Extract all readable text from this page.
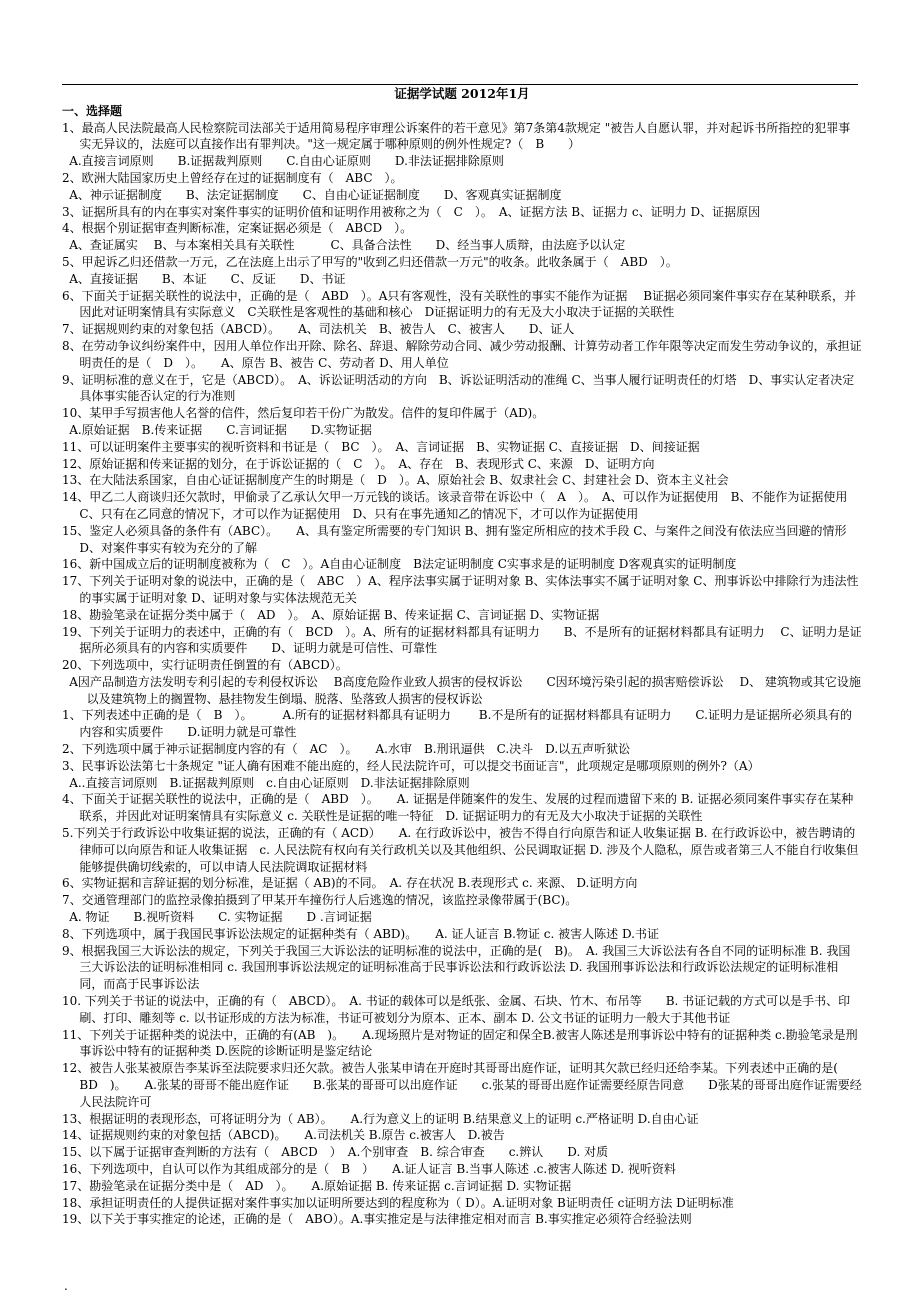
证据学试题 2012年1月
一、选择题

1、最高人民法院最高人民检察院司法部关于适用简易程序审理公诉案件的若干意见》第7条第4款规定 "被告人自愿认罪，并对起诉书所指控的犯罪事实无异议的，法庭可以直接作出有罪判决。"这一规定属于哪种原则的例外性规定?（　B　　）
A.直接言词原则　　B.证据裁判原则　　C.自由心证原则　　D.非法证据排除原则

2、欧洲大陆国家历史上曾经存在过的证据制度有（　ABC　）。
A、神示证据制度　　B、法定证据制度　　C、自由心证证据制度　　D、客观真实证据制度

3、证据所具有的内在事实对案件事实的证明价值和证明作用被称之为（　C　）。　A、证据方法 B、证据力 c、证明力 D、证据原因

4、根据个别证据审查判断标准，定案证据必须是（　ABCD　）。
A、查证属实　 B、与本案相关具有关联性　　　C、具备合法性　　D、经当事人质辩，由法庭予以认定

5、甲起诉乙归还借款一万元，乙在法庭上出示了甲写的"收到乙归还借款一万元"的收条。此收条属于（　ABD　）。
A、直接证据　　B、本证　　C、反证　　D、书证

6、下面关于证据关联性的说法中，正确的是（　ABD　）。A只有客观性，没有关联性的事实不能作为证据　 B证据必须同案件事实存在某种联系，并因此对证明案情具有实际意义　C关联性是客观性的基础和核心　D证据证明力的有无及大小取决于证据的关联性

7、证据规则约束的对象包括（ABCD）。　　A、司法机关　B、被告人　C、被害人　　D、证人

8、在劳动争议纠纷案件中，因用人单位作出开除、除名、辞退、解除劳动合同、减少劳动报酬、计算劳动者工作年限等决定而发生劳动争议的，承担证明责任的是（　D　）。　　A、原告 B、被告 C、劳动者 D、用人单位

9、证明标准的意义在于，它是（ABCD）。　A、诉讼证明活动的方向　B、诉讼证明活动的准绳 C、当事人履行证明责任的灯塔　D、事实认定者决定具体事实能否认定的行为准则

10、某甲手写损害他人名誉的信件，然后复印若干份广为散发。信件的复印件属于（AD)。
A.原始证据　B.传来证据　　C.言词证据　　D.实物证据

11、可以证明案件主要事实的视听资料和书证是（　BC　）。　A、言词证据　B、实物证据 C、直接证据　D、间接证据

12、原始证据和传来证据的划分，在于诉讼证据的（　C　）。　A、存在　B、表现形式 C、来源　D、证明方向

13、在大陆法系国家，自由心证证据制度产生的时期是（　D　）。A、原始社会 B、奴隶社会 C、封建社会 D、资本主义社会

14、甲乙二人商谈归还欠款时，甲偷录了乙承认欠甲一万元钱的谈话。该录音带在诉讼中（　A　）。　A、可以作为证据使用　B、不能作为证据使用 C、只有在乙同意的情况下，才可以作为证据使用　D、只有在事先通知乙的情况下，才可以作为证据使用

15、鉴定人必须具备的条件有（ABC）。　　A、具有鉴定所需要的专门知识 B、拥有鉴定所相应的技术手段 C、与案件之间没有依法应当回避的情形 D、对案件事实有较为充分的了解

16、新中国成立后的证明制度被称为（　C　）。A自由心证制度　B法定证明制度 C实事求是的证明制度 D客观真实的证明制度

17、下列关于证明对象的说法中，正确的是（　ABC　）A、程序法事实属于证明对象 B、实体法事实不属于证明对象 C、刑事诉讼中排除行为违法性的事实属于证明对象 D、证明对象与实体法规范无关

18、勘验笔录在证据分类中属于（　AD　）。　A、原始证据 B、传来证据 C、言词证据 D、实物证据

19、下列关于证明力的表述中，正确的有（　BCD　）。A、所有的证据材料都具有证明力　　B、不是所有的证据材料都具有证明力　 C、证明力是证据所必须具有的内容和实质要件　　D、证明力就是可信性、可靠性

20、下列选项中，实行证明责任倒置的有（ABCD）。
A因产品制造方法发明专利引起的专利侵权诉讼　 B高度危险作业致人损害的侵权诉讼　　C因环境污染引起的损害赔偿诉讼　 D、 建筑物或其它设施以及建筑物上的搁置物、悬挂物发生倒塌、脱落、坠落致人损害的侵权诉讼

1、下列表述中正确的是（　B　）。　　　A.所有的证据材料都具有证明力　　 B.不是所有的证据材料都具有证明力　　C.证明力是证据所必须具有的内容和实质要件　　D.证明力就是可靠性

2、下列选项中属于神示证据制度内容的有（　AC　）。　　A.水审　B.刑讯逼供　C.决斗　D.以五声听狱讼

3、民事诉讼法第七十条规定 "证人确有困难不能出庭的，经人民法院许可，可以提交书面证言"，此项规定是哪项原则的例外?（A）
A..直接言词原则　B.证据裁判原则　c.自由心证原则　D.非法证据排除原则

4、下面关于证据关联性的说法中，正确的是（　ABD　）。　　A. 证据是伴随案件的发生、发展的过程而遗留下来的 B. 证据必须同案件事实存在某种联系，并因此对证明案情具有实际意义 c. 关联性是证据的唯一特征　D. 证据证明力的有无及大小取决于证据的关联性

5.下列关于行政诉讼中收集证据的说法，正确的有（ ACD）　　A. 在行政诉讼中，被告不得自行向原告和证人收集证据 B. 在行政诉讼中，被告聘请的律师可以向原告和证人收集证据　c. 人民法院有权向有关行政机关以及其他组织、公民调取证据 D. 涉及个人隐私，原告或者第三人不能自行收集但能够提供确切线索的，可以申请人民法院调取证据材料

6、实物证据和言辞证据的划分标准，是证据（ AB)的不同。　A. 存在状况 B.表现形式 c. 来源、 D.证明方向

7、交通管理部门的监控录像拍摄到了甲某开车撞伤行人后逃逸的情况，该监控录像带属于(BC)。
A. 物证　　B.视听资料　　C. 实物证据　　D .言词证据

8、下列选项中，属于我国民事诉讼法规定的证据种类有（ ABD)。　　A. 证人证言 B.物证 c. 被害人陈述 D.书证

9、根据我国三大诉讼法的规定，下列关于我国三大诉讼法的证明标准的说法中，正确的是(　B)。　A. 我国三大诉讼法有各自不同的证明标准 B. 我国三大诉讼法的证明标准相同 c. 我国刑事诉讼法规定的证明标准高于民事诉讼法和行政诉讼法 D. 我国刑事诉讼法和行政诉讼法规定的证明标准相同，而高于民事诉讼法

10. 下列关于书证的说法中，正确的有（　ABCD）。　A. 书证的载体可以是纸张、金属、石块、竹木、布吊等　　B. 书证记载的方式可以是手书、印刷、打印、雕刻等 c. 以书证形成的方法为标准，书证可被划分为原本、正本、副本 D. 公文书证的证明力一般大于其他书证

11、下列关于证据种类的说法中，正确的有(AB　)。　　A.现场照片是对物证的固定和保全B.被害人陈述是刑事诉讼中特有的证据种类 c.勘验笔录是刑事诉讼中特有的证据种类 D.医院的诊断证明是鉴定结论

12、被告人张某被原告李某诉至法院要求归还欠款。被告人张某申请在开庭时其哥哥出庭作证，证明其欠款已经归还给李某。下列表述中正确的是(　BD　)。　　A.张某的哥哥不能出庭作证　　B.张某的哥哥可以出庭作证　　c.张某的哥哥出庭作证需要经原告同意　　D张某的哥哥出庭作证需要经人民法院许可

13、根据证明的表现形态，可将证明分为（ AB）。　　A.行为意义上的证明 B.结果意义上的证明 c.严格证明 D.自由心证

14、证据规则约束的对象包括（ABCD)。　　A.司法机关 B.原告 c.被害人　D.被告

15、以下属于证据审查判断的方法有（　ABCD　）　A.个别审查　B. 综合审查　　c.辨认　　D. 对质

16、下列选项中，自认可以作为其组成部分的是（　B　）　　A.证人证言 B.当事人陈述 .c.被害人陈述 D. 视听资料

17、勘验笔录在证据分类中是（　AD　）。　　A.原始证据 B. 传来证据 c.言词证据 D. 实物证据

18、承担证明责任的人提供证据对案件事实加以证明所要达到的程度称为（ D）。A.证明对象 B证明责任 c证明方法 D证明标准

19、以下关于事实推定的论述，正确的是（　ABO）。A.事实推定是与法律推定相对而言 B.事实推定必须符合经验法则

.
